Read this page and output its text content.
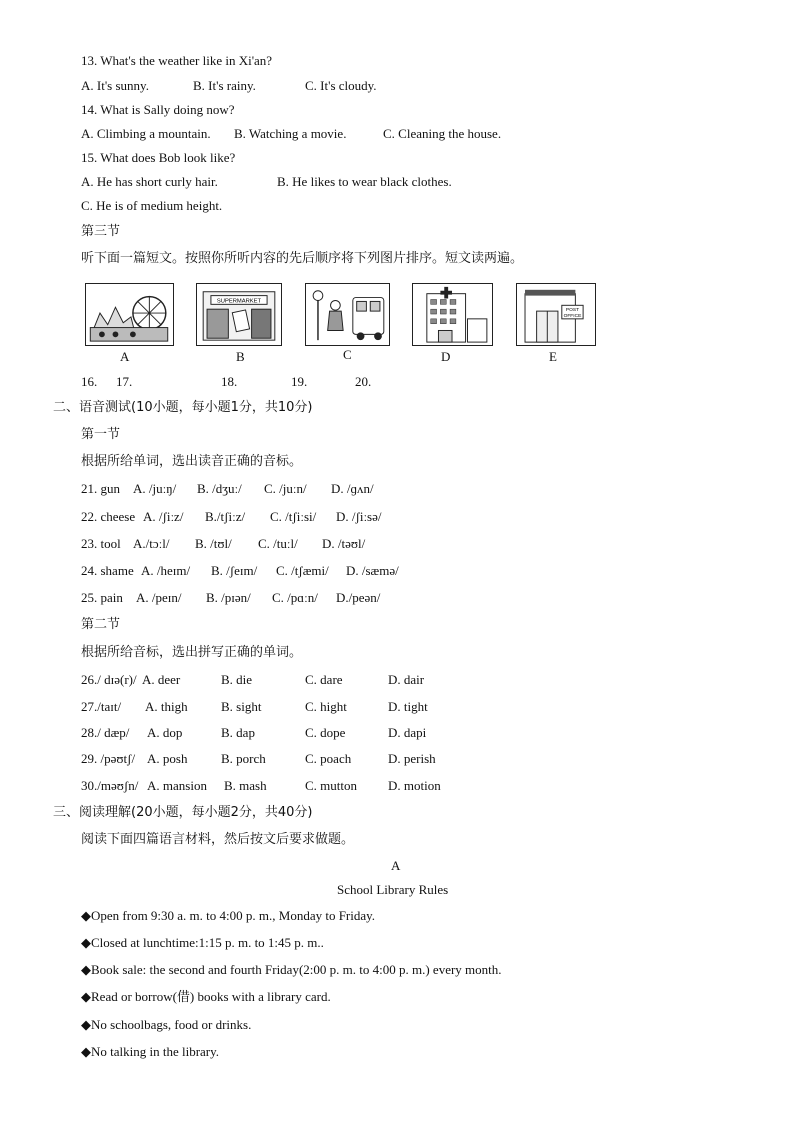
13. What's the weather like in Xi'an?
A. It's sunny.	B. It's rainy.	C. It's cloudy.
14. What is Sally doing now?
A. Climbing a mountain. B. Watching a movie.	C. Cleaning the house.
15. What does Bob look like?
A. He has short curly hair.	B. He likes to wear black clothes.
C. He is of medium height.
第三节
听下面一篇短文。按照你所听内容的先后顺序将下列图片排序。短文读两遍。
SUPERMARKET
POST
OFFICE
A	B	C	D	E
16. 17.	18.	19.	20.
二、语音测试(10小题，每小题1分，共10分)
第一节
根据所给单词，选出读音正确的音标。
21. gun A. /juːŋ/ B. /dʒuː/ C. /juːn/ D. /ɡʌn/
22. cheese A. /ʃiːz/ B./tʃiːz/ C. /tʃiːsi/ D. /ʃiːsə/
23. tool A./tɔːl/ B. /tʊl/ C. /tuːl/ D. /təʊl/
24. shame A. /heɪm/ B. /ʃeɪm/ C. /tʃæmi/ D. /sæmə/
25. pain A. /peɪn/ B. /pɪən/ C. /pɑːn/ D./peən/
第二节
根据所给音标，选出拼写正确的单词。
26./ dɪə(r)/ A. deer	B. die	C. dare	D. dair
27./taɪt/ A. thigh	B. sight	C. hight	D. tight
28./ dæp/ A. dop	B. dap	C. dope	D. dapi
29. /pəʊtʃ/ A. posh	B. porch	C. poach	D. perish
30./məʊʃn/ A. mansion B. mash	C. mutton D. motion
三、阅读理解(20小题，每小题2分，共40分)
阅读下面四篇语言材料，然后按文后要求做题。
A
School Library Rules
◆Open from 9:30 a. m. to 4:00 p. m., Monday to Friday.
◆Closed at lunchtime:1:15 p. m. to 1:45 p. m..
◆Book sale: the second and fourth Friday(2:00 p. m. to 4:00 p. m.) every month.
◆Read or borrow(借) books with a library card.
◆No schoolbags, food or drinks.
◆No talking in the library.
